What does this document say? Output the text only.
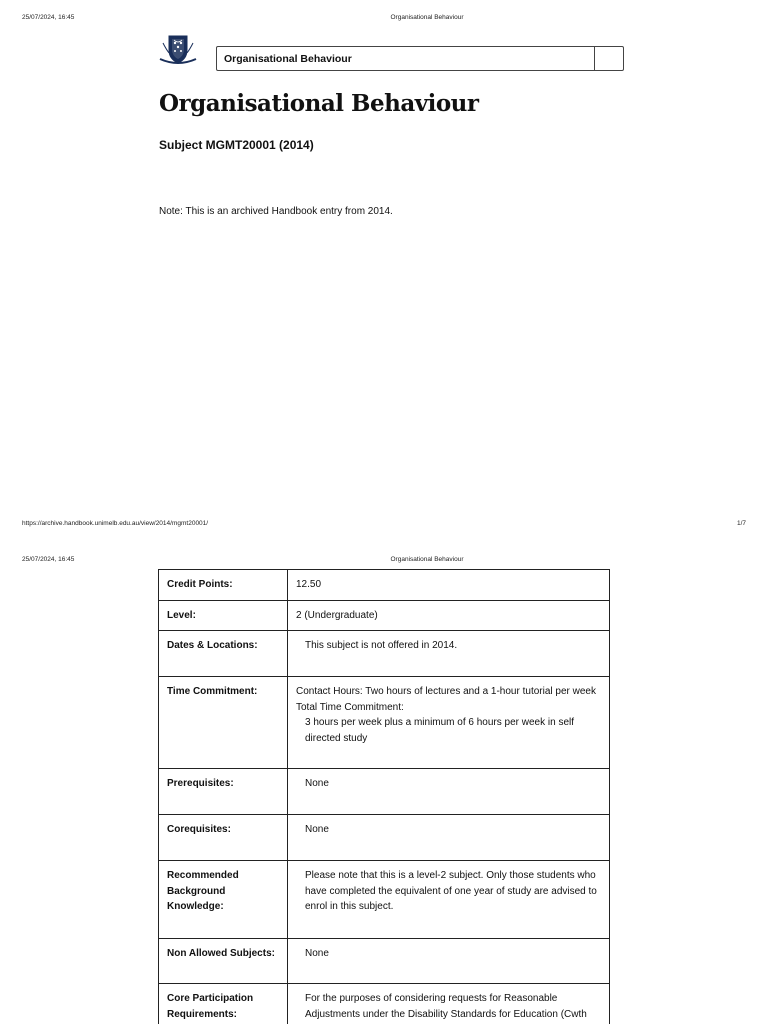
25/07/2024, 16:45	Organisational Behaviour
Organisational Behaviour
Organisational Behaviour
Subject MGMT20001 (2014)
Note: This is an archived Handbook entry from 2014.
https://archive.handbook.unimelb.edu.au/view/2014/mgmt20001/	1/7
25/07/2024, 16:45	Organisational Behaviour
Credit Points:	12.50

Level:	2 (Undergraduate)

Dates & Locations:	This subject is not offered in 2014.

Time Commitment:	Contact Hours: Two hours of lectures and a 1-hour tutorial per week
Total Time Commitment:
3 hours per week plus a minimum of 6 hours per week in self directed study

Prerequisites:	None

Corequisites:	None

Recommended Background Knowledge:	Please note that this is a level-2 subject. Only those students who have completed the equivalent of one year of study are advised to enrol in this subject.

Non Allowed Subjects:	None

Core Participation Requirements:	For the purposes of considering requests for Reasonable Adjustments under the Disability Standards for Education (Cwth
